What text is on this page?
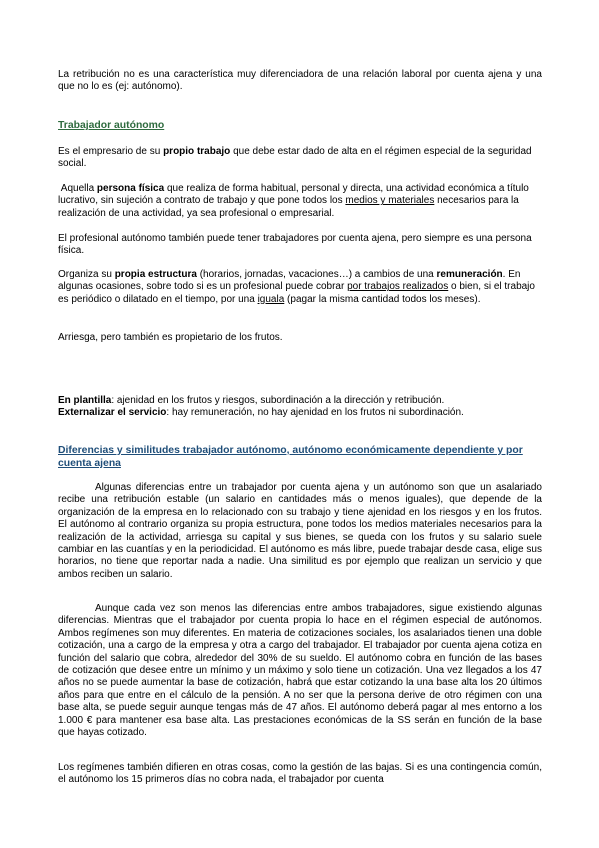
La retribución no es una característica muy diferenciadora de una relación laboral por cuenta ajena y una que no lo es (ej: autónomo).

Trabajador autónomo

Es el empresario de su propio trabajo que debe estar dado de alta en el régimen especial de la seguridad social.

Aquella persona física que realiza de forma habitual, personal y directa, una actividad económica a título lucrativo, sin sujeción a contrato de trabajo y que pone todos los medios y materiales necesarios para la realización de una actividad, ya sea profesional o empresarial.

El profesional autónomo también puede tener trabajadores por cuenta ajena, pero siempre es una persona física.

Organiza su propia estructura (horarios, jornadas, vacaciones…) a cambios de una remuneración. En algunas ocasiones, sobre todo si es un profesional puede cobrar por trabajos realizados o bien, si el trabajo es periódico o dilatado en el tiempo, por una iguala (pagar la misma cantidad todos los meses).

Arriesga, pero también es propietario de los frutos.

En plantilla: ajenidad en los frutos y riesgos, subordinación a la dirección y retribución.
Externalizar el servicio: hay remuneración, no hay ajenidad en los frutos ni subordinación.

Diferencias y similitudes trabajador autónomo, autónomo económicamente dependiente y por cuenta ajena

Algunas diferencias entre un trabajador por cuenta ajena y un autónomo son que un asalariado recibe una retribución estable (un salario en cantidades más o menos iguales), que depende de la organización de la empresa en lo relacionado con su trabajo y tiene ajenidad en los riesgos y en los frutos. El autónomo al contrario organiza su propia estructura, pone todos los medios materiales necesarios para la realización de la actividad, arriesga su capital y sus bienes, se queda con los frutos y su salario suele cambiar en las cuantías y en la periodicidad. El autónomo es más libre, puede trabajar desde casa, elige sus horarios, no tiene que reportar nada a nadie. Una similitud es por ejemplo que realizan un servicio y que ambos reciben un salario.

Aunque cada vez son menos las diferencias entre ambos trabajadores, sigue existiendo algunas diferencias. Mientras que el trabajador por cuenta propia lo hace en el régimen especial de autónomos. Ambos regímenes son muy diferentes. En materia de cotizaciones sociales, los asalariados tienen una doble cotización, una a cargo de la empresa y otra a cargo del trabajador. El trabajador por cuenta ajena cotiza en función del salario que cobra, alrededor del 30% de su sueldo. El autónomo cobra en función de las bases de cotización que desee entre un mínimo y un máximo y solo tiene un cotización. Una vez llegados a los 47 años no se puede aumentar la base de cotización, habrá que estar cotizando la una base alta los 20 últimos años para que entre en el cálculo de la pensión. A no ser que la persona derive de otro régimen con una base alta, se puede seguir aunque tengas más de 47 años. El autónomo deberá pagar al mes entorno a los 1.000 € para mantener esa base alta. Las prestaciones económicas de la SS serán en función de la base que hayas cotizado.

Los regímenes también difieren en otras cosas, como la gestión de las bajas. Si es una contingencia común, el autónomo los 15 primeros días no cobra nada, el trabajador por cuenta
